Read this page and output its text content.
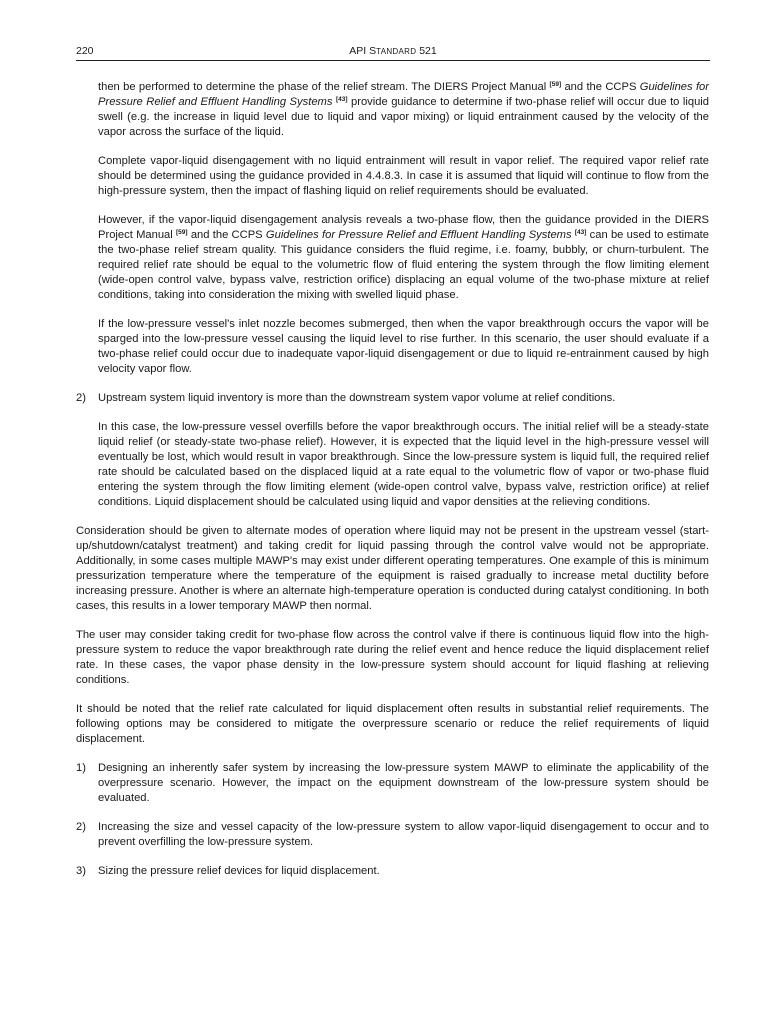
220	API STANDARD 521

then be performed to determine the phase of the relief stream. The DIERS Project Manual [59] and the CCPS Guidelines for Pressure Relief and Effluent Handling Systems [43] provide guidance to determine if two-phase relief will occur due to liquid swell (e.g. the increase in liquid level due to liquid and vapor mixing) or liquid entrainment caused by the velocity of the vapor across the surface of the liquid.

Complete vapor-liquid disengagement with no liquid entrainment will result in vapor relief. The required vapor relief rate should be determined using the guidance provided in 4.4.8.3. In case it is assumed that liquid will continue to flow from the high-pressure system, then the impact of flashing liquid on relief requirements should be evaluated.

However, if the vapor-liquid disengagement analysis reveals a two-phase flow, then the guidance provided in the DIERS Project Manual [59] and the CCPS Guidelines for Pressure Relief and Effluent Handling Systems [43] can be used to estimate the two-phase relief stream quality. This guidance considers the fluid regime, i.e. foamy, bubbly, or churn-turbulent. The required relief rate should be equal to the volumetric flow of fluid entering the system through the flow limiting element (wide-open control valve, bypass valve, restriction orifice) displacing an equal volume of the two-phase mixture at relief conditions, taking into consideration the mixing with swelled liquid phase.

If the low-pressure vessel's inlet nozzle becomes submerged, then when the vapor breakthrough occurs the vapor will be sparged into the low-pressure vessel causing the liquid level to rise further. In this scenario, the user should evaluate if a two-phase relief could occur due to inadequate vapor-liquid disengagement or due to liquid re-entrainment caused by high velocity vapor flow.

2)	Upstream system liquid inventory is more than the downstream system vapor volume at relief conditions.

In this case, the low-pressure vessel overfills before the vapor breakthrough occurs. The initial relief will be a steady-state liquid relief (or steady-state two-phase relief). However, it is expected that the liquid level in the high-pressure vessel will eventually be lost, which would result in vapor breakthrough. Since the low-pressure system is liquid full, the required relief rate should be calculated based on the displaced liquid at a rate equal to the volumetric flow of vapor or two-phase fluid entering the system through the flow limiting element (wide-open control valve, bypass valve, restriction orifice) at relief conditions. Liquid displacement should be calculated using liquid and vapor densities at the relieving conditions.

Consideration should be given to alternate modes of operation where liquid may not be present in the upstream vessel (start-up/shutdown/catalyst treatment) and taking credit for liquid passing through the control valve would not be appropriate. Additionally, in some cases multiple MAWP's may exist under different operating temperatures. One example of this is minimum pressurization temperature where the temperature of the equipment is raised gradually to increase metal ductility before increasing pressure. Another is where an alternate high-temperature operation is conducted during catalyst conditioning. In both cases, this results in a lower temporary MAWP then normal.

The user may consider taking credit for two-phase flow across the control valve if there is continuous liquid flow into the high-pressure system to reduce the vapor breakthrough rate during the relief event and hence reduce the liquid displacement relief rate. In these cases, the vapor phase density in the low-pressure system should account for liquid flashing at relieving conditions.

It should be noted that the relief rate calculated for liquid displacement often results in substantial relief requirements. The following options may be considered to mitigate the overpressure scenario or reduce the relief requirements of liquid displacement.

1)	Designing an inherently safer system by increasing the low-pressure system MAWP to eliminate the applicability of the overpressure scenario. However, the impact on the equipment downstream of the low-pressure system should be evaluated.
2)	Increasing the size and vessel capacity of the low-pressure system to allow vapor-liquid disengagement to occur and to prevent overfilling the low-pressure system.
3)	Sizing the pressure relief devices for liquid displacement.
